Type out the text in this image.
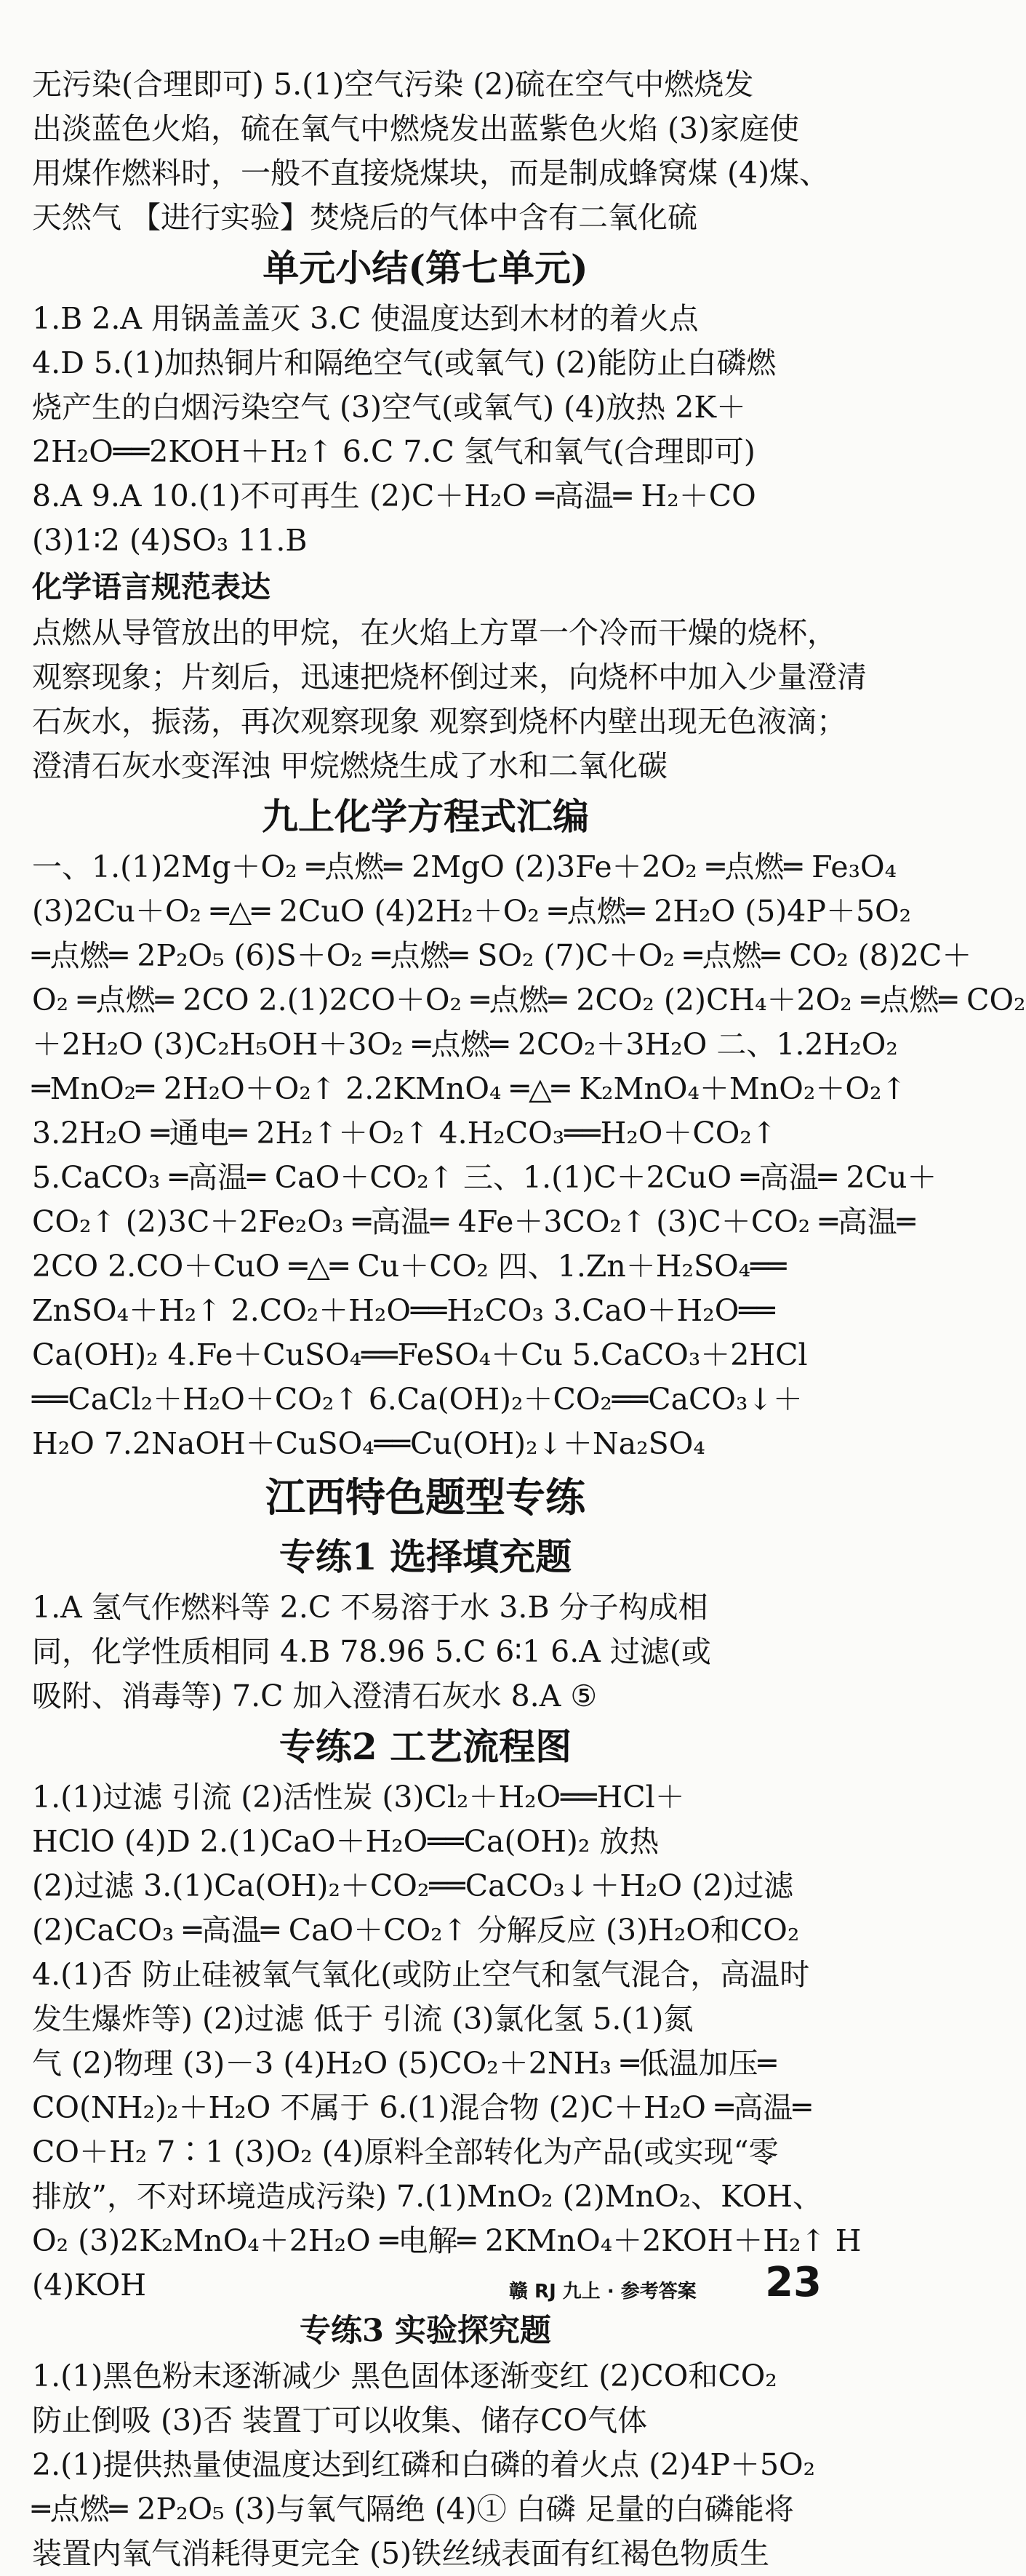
无污染(合理即可) 5.(1)空气污染 (2)硫在空气中燃烧发
出淡蓝色火焰，硫在氧气中燃烧发出蓝紫色火焰 (3)家庭使
用煤作燃料时，一般不直接烧煤块，而是制成蜂窝煤 (4)煤、
天然气 【进行实验】焚烧后的气体中含有二氧化硫
单元小结(第七单元)
1.B 2.A 用锅盖盖灭 3.C 使温度达到木材的着火点
4.D 5.(1)加热铜片和隔绝空气(或氧气) (2)能防止白磷燃
烧产生的白烟污染空气 (3)空气(或氧气) (4)放热 2K＋
2H₂O══2KOH＋H₂↑ 6.C 7.C 氢气和氧气(合理即可)
8.A 9.A 10.(1)不可再生 (2)C＋H₂O ═高温═ H₂＋CO
(3)1∶2 (4)SO₃ 11.B
化学语言规范表达
点燃从导管放出的甲烷，在火焰上方罩一个冷而干燥的烧杯，
观察现象；片刻后，迅速把烧杯倒过来，向烧杯中加入少量澄清
石灰水，振荡，再次观察现象 观察到烧杯内壁出现无色液滴；
澄清石灰水变浑浊 甲烷燃烧生成了水和二氧化碳
九上化学方程式汇编
一、1.(1)2Mg＋O₂ ═点燃═ 2MgO (2)3Fe＋2O₂ ═点燃═ Fe₃O₄
(3)2Cu＋O₂ ═△═ 2CuO (4)2H₂＋O₂ ═点燃═ 2H₂O (5)4P＋5O₂
═点燃═ 2P₂O₅ (6)S＋O₂ ═点燃═ SO₂ (7)C＋O₂ ═点燃═ CO₂ (8)2C＋
O₂ ═点燃═ 2CO 2.(1)2CO＋O₂ ═点燃═ 2CO₂ (2)CH₄＋2O₂ ═点燃═ CO₂
＋2H₂O (3)C₂H₅OH＋3O₂ ═点燃═ 2CO₂＋3H₂O 二、1.2H₂O₂
═MnO₂═ 2H₂O＋O₂↑ 2.2KMnO₄ ═△═ K₂MnO₄＋MnO₂＋O₂↑
3.2H₂O ═通电═ 2H₂↑＋O₂↑ 4.H₂CO₃══H₂O＋CO₂↑
5.CaCO₃ ═高温═ CaO＋CO₂↑ 三、1.(1)C＋2CuO ═高温═ 2Cu＋
CO₂↑ (2)3C＋2Fe₂O₃ ═高温═ 4Fe＋3CO₂↑ (3)C＋CO₂ ═高温═
2CO 2.CO＋CuO ═△═ Cu＋CO₂ 四、1.Zn＋H₂SO₄══
ZnSO₄＋H₂↑ 2.CO₂＋H₂O══H₂CO₃ 3.CaO＋H₂O══
Ca(OH)₂ 4.Fe＋CuSO₄══FeSO₄＋Cu 5.CaCO₃＋2HCl
══CaCl₂＋H₂O＋CO₂↑ 6.Ca(OH)₂＋CO₂══CaCO₃↓＋
H₂O 7.2NaOH＋CuSO₄══Cu(OH)₂↓＋Na₂SO₄
江西特色题型专练
专练1 选择填充题
1.A 氢气作燃料等 2.C 不易溶于水 3.B 分子构成相
同，化学性质相同 4.B 78.96 5.C 6∶1 6.A 过滤(或
吸附、消毒等) 7.C 加入澄清石灰水 8.A ⑤
专练2 工艺流程图
1.(1)过滤 引流 (2)活性炭 (3)Cl₂＋H₂O══HCl＋
HClO (4)D 2.(1)CaO＋H₂O══Ca(OH)₂ 放热
(2)过滤 3.(1)Ca(OH)₂＋CO₂══CaCO₃↓＋H₂O (2)过滤
(2)CaCO₃ ═高温═ CaO＋CO₂↑ 分解反应 (3)H₂O和CO₂
4.(1)否 防止硅被氧气氧化(或防止空气和氢气混合，高温时
发生爆炸等) (2)过滤 低于 引流 (3)氯化氢 5.(1)氮
气 (2)物理 (3)－3 (4)H₂O (5)CO₂＋2NH₃ ═低温加压═
CO(NH₂)₂＋H₂O 不属于 6.(1)混合物 (2)C＋H₂O ═高温═
CO＋H₂ 7∶1 (3)O₂ (4)原料全部转化为产品(或实现“零
排放”，不对环境造成污染) 7.(1)MnO₂ (2)MnO₂、KOH、
O₂ (3)2K₂MnO₄＋2H₂O ═电解═ 2KMnO₄＋2KOH＋H₂↑ H
(4)KOH
专练3 实验探究题
1.(1)黑色粉末逐渐减少 黑色固体逐渐变红 (2)CO和CO₂
防止倒吸 (3)否 装置丁可以收集、储存CO气体
2.(1)提供热量使温度达到红磷和白磷的着火点 (2)4P＋5O₂
═点燃═ 2P₂O₅ (3)与氧气隔绝 (4)① 白磷 足量的白磷能将
装置内氧气消耗得更完全 (5)铁丝绒表面有红褐色物质生
赣 RJ 九上 · 参考答案 23
